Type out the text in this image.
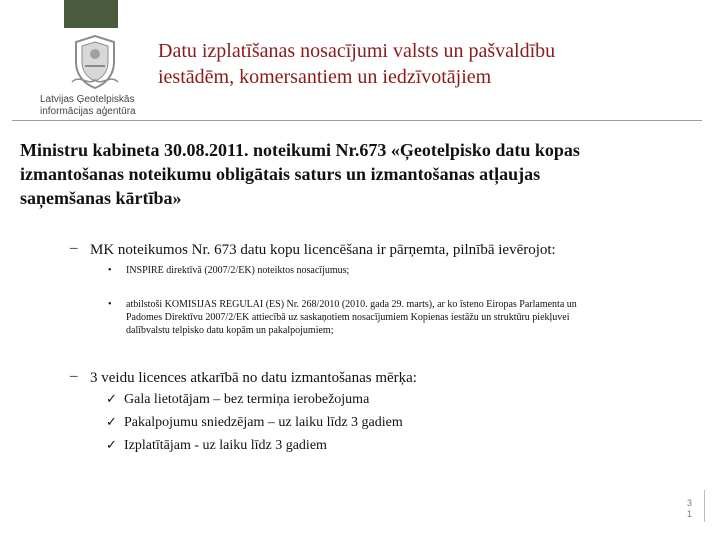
Latvijas Ģeotelpiskās
informācijas aģentūra
Datu izplatīšanas nosacījumi valsts un pašvaldību
iestādēm, komersantiem un iedzīvotājiem
Ministru kabineta 30.08.2011. noteikumi Nr.673 «Ģeotelpisko datu kopas
izmantošanas noteikumu obligātais saturs un izmantošanas atļaujas
saņemšanas kārtība»
– MK noteikumos Nr. 673 datu kopu licencēšana ir pārņemta, pilnībā ievērojot:
•	INSPIRE direktīvā (2007/2/EK) noteiktos nosacījumus;
•	atbilstoši KOMISIJAS REGULAI (ES) Nr. 268/2010 (2010. gada 29. marts), ar ko īsteno Eiropas Parlamenta un
Padomes Direktīvu 2007/2/EK attiecībā uz saskaņotiem nosacījumiem Kopienas iestāžu un struktūru piekļuvei
dalībvalstu telpisko datu kopām un pakalpojumiem;
– 3 veidu licences atkarībā no datu izmantošanas mērķa:
✓ Gala lietotājam – bez termiņa ierobežojuma
✓ Pakalpojumu sniedzējam – uz laiku līdz 3 gadiem
✓ Izplatītājam - uz laiku līdz 3 gadiem
3
1
